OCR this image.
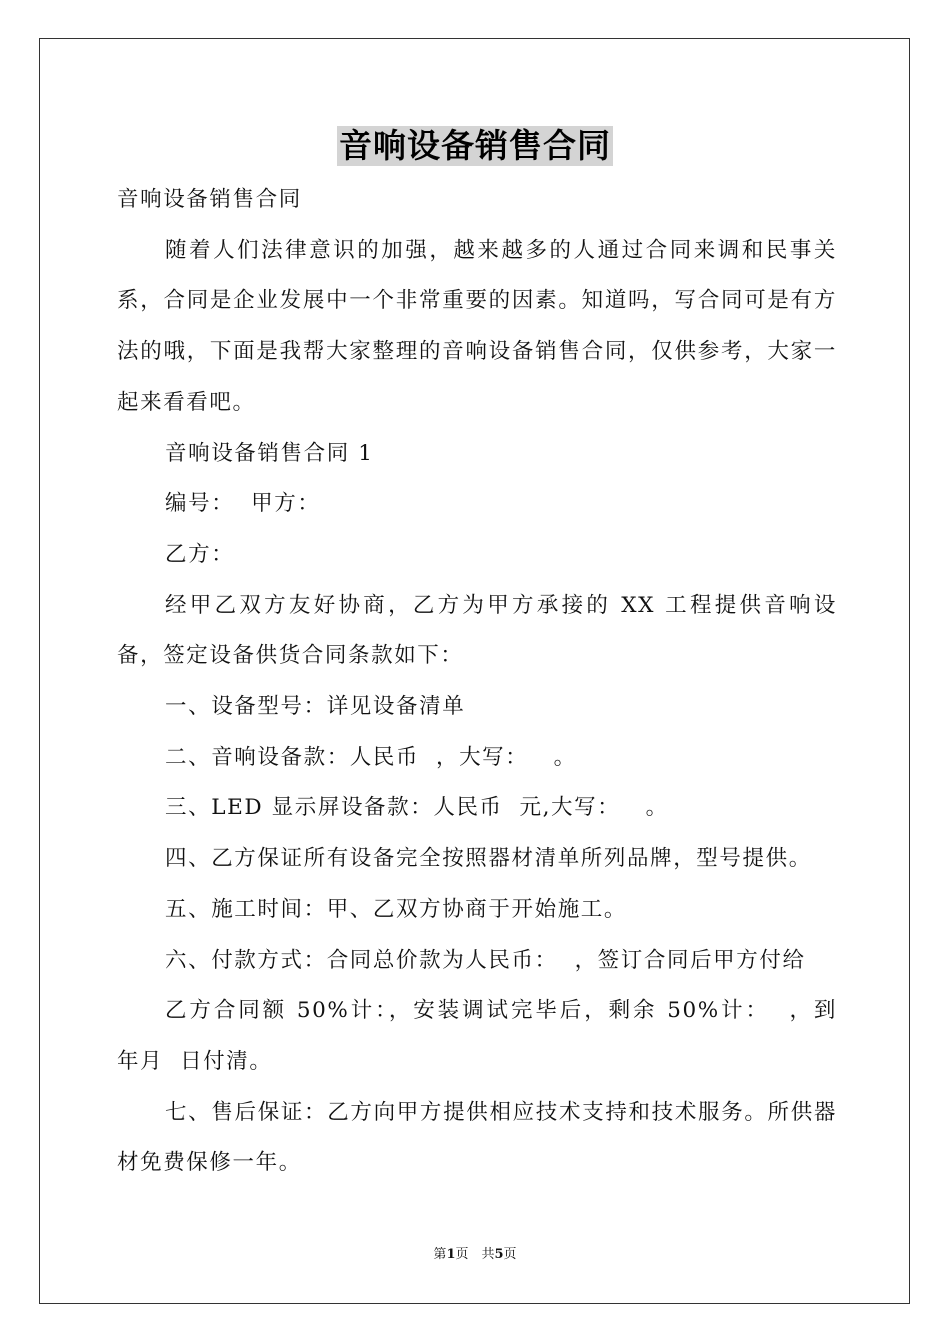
音响设备销售合同

音响设备销售合同

随着人们法律意识的加强，越来越多的人通过合同来调和民事关系，合同是企业发展中一个非常重要的因素。知道吗，写合同可是有方法的哦，下面是我帮大家整理的音响设备销售合同，仅供参考，大家一起来看看吧。

音响设备销售合同 1

编号：  甲方：

乙方：

经甲乙双方友好协商，乙方为甲方承接的 XX 工程提供音响设备，签定设备供货合同条款如下：

一、设备型号：详见设备清单

二、音响设备款：人民币  ，大写：   。

三、LED 显示屏设备款：人民币  元,大写：   。

四、乙方保证所有设备完全按照器材清单所列品牌，型号提供。

五、施工时间：甲、乙双方协商于开始施工。

六、付款方式：合同总价款为人民币：  ，签订合同后甲方付给

乙方合同额 50%计：，安装调试完毕后，剩余 50%计：  ，到  年月  日付清。

七、售后保证：乙方向甲方提供相应技术支持和技术服务。所供器材免费保修一年。

第1页　共5页
